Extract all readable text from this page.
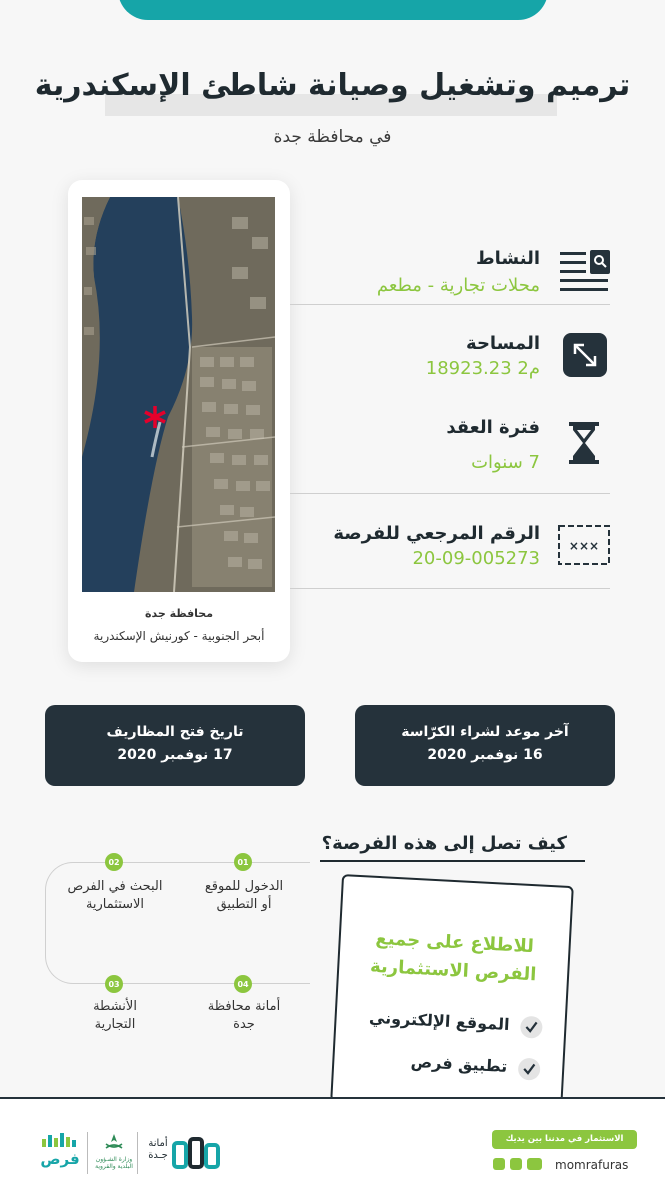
ترميم وتشغيل وصيانة شاطئ الإسكندرية
في محافظة جدة
محافظة جدة
أبحر الجنوبية - كورنيش الإسكندرية
النشاط
محلات تجارية - مطعم
المساحة
18923.23 م2
فترة العقد
7 سنوات
×××
الرقم المرجعي للفرصة
20-09-005273
آخر موعد لشراء الكرّاسة
16 نوفمبر 2020
تاريخ فتح المظاريف
17 نوفمبر 2020
كيف تصل إلى هذه الفرصة؟
01
الدخول للموقع
أو التطبيق
02
البحث في الفرص
الاستثمارية
03
الأنشطة
التجارية
04
أمانة محافظة
جدة
للاطلاع على جميع
الفرص الاستثمارية
الموقع الإلكتروني
تطبيق فرص
الاستثمار في مدننا بين يديك
momrafuras
أمانة
جـدة
وزارة الشـؤون
البلدية والقروية
فرص
